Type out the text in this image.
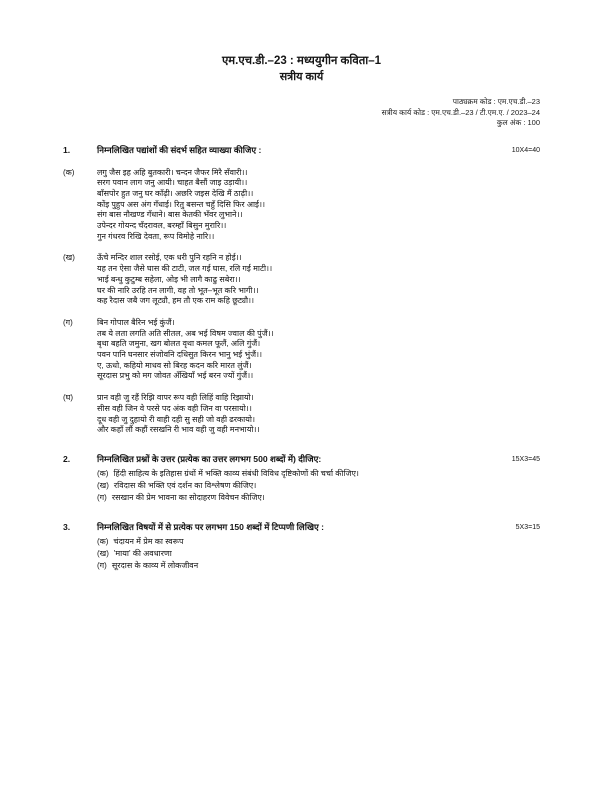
एम.एच.डी.–23 : मध्ययुगीन कविता–1
सत्रीय कार्य
पाठ्यक्रम कोड : एम.एच.डी.–23
सत्रीय कार्य कोड : एम.एच.डी.–23 / टी.एम.ए. / 2023–24
कुल अंक : 100
1.	निम्नलिखित पद्यांशों की संदर्भ सहित व्याख्या कीजिए :	10X4=40
(क)	लगु जैस इह अहि बुतकारी। चन्दन जैफर मिरै सँवारी।।
सरग पवान लाग जनु आयी। चाहत बैसौं जाइ उड़ायी।।
बाँसपोर हुत जनु घर काँढ़ी। अछरि जइस देखि मैं ठाढ़ी।।
कोंइ पुहुप अस अंग गँधाई। रितु बसन्त चहुँ दिसि फिर आई।।
संग बास नौखण्ड गँधाने। बास केतकी भँवर लुभाने।।
उपेन्दर गोयन्द चँदरावल, बरम्हाँ बिसुन मुरारि।।
गुन गंधरव रिखि देवता, रूप विमोहे नारि।।
(ख)	ऊँचे मन्दिर शाल रसोई, एक धरी पुनि रहनि न होई।।
यह तन ऐसा जैसे घास की टाटी, जल गई घास, रलि गई माटी।।
भाई बन्धु कुटुम्ब सहेला, ओइ भी लागै काढु सबेरा।।
घर की नारि उरहि तन लागी, वह तो भूत–भूत करि भागी।।
कह रैदास जबै जग लूट्यौ, हम तौ एक राम कहि छूट्यौ।।
(ग)	बिन गोपाल बैरिन भई कुंजैं।
तब ये लता लगति अति सीतल, अब भई विषम ज्वाल की पुंजैं।।
बृथा बहति जमुना, खग बोलत वृथा कमल फूलैं, अलि गुंजैं।
पवन पानि घनसार संजोवनि दधिसुत किरन भानु भई भुंजैं।।
ए, ऊधो, कहियो माधव सो बिरह कदन करि मारत लुंजैं।
सूरदास प्रभु को मग जोवत अँखियाँ भई बरन ज्यों गुंजैं।।
(घ)	प्रान वही जु रहैं रिझि वापर रूप वही लिहिं वाहि रिझायो।
सीस वही जिन वे परसे पद अंक वही जिन वा परसायो।।
दूध वही जु दुहायो री वाही दही सु सही जो वही ढरकायो।
और कहाँ लौं कहौं रसखनि री भाव वही जु वही मनभायो।।
2.	निम्नलिखित प्रश्नों के उत्तर (प्रत्येक का उत्तर लगभग 500 शब्दों में) दीजिए:	15X3=45
(क) हिंदी साहित्य के इतिहास ग्रंथों में भक्ति काव्य संबंधी विविध दृष्टिकोणों की चर्चा कीजिए।
(ख) रविदास की भक्ति एवं दर्शन का विश्लेषण कीजिए।
(ग) रसखान की प्रेम भावना का सोदाहरण विवेचन कीजिए।
3.	निम्नलिखित विषयों में से प्रत्येक पर लगभग 150 शब्दों में टिप्पणी लिखिए :	5X3=15
(क) चंदायन में प्रेम का स्वरूप
(ख) 'माया' की अवधारणा
(ग) सूरदास के काव्य में लोकजीवन
